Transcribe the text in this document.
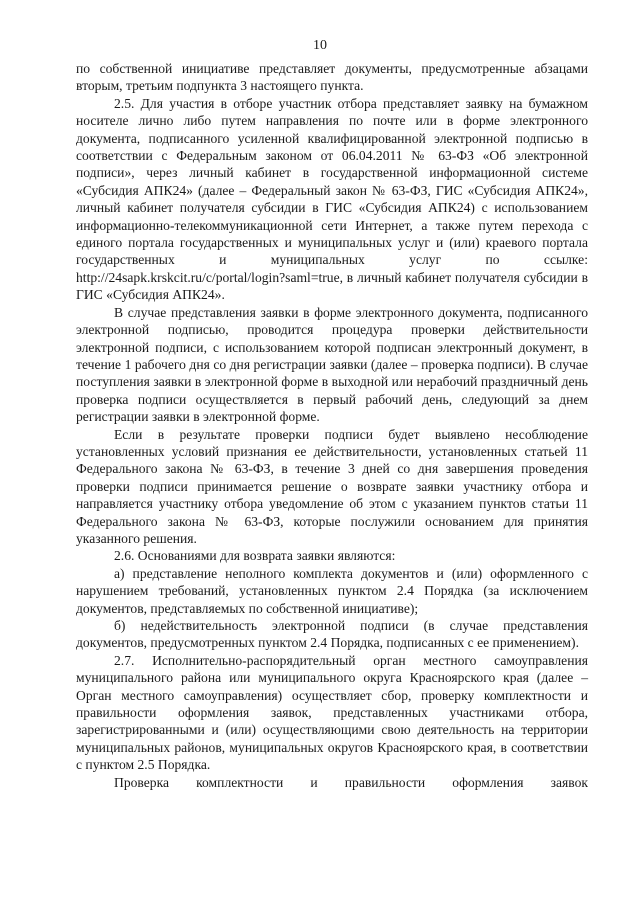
10

по собственной инициативе представляет документы, предусмотренные абзацами вторым, третьим подпункта 3 настоящего пункта.

2.5. Для участия в отборе участник отбора представляет заявку на бумажном носителе лично либо путем направления по почте или в форме электронного документа, подписанного усиленной квалифицированной электронной подписью в соответствии с Федеральным законом от 06.04.2011 № 63-ФЗ «Об электронной подписи», через личный кабинет в государственной информационной системе «Субсидия АПК24» (далее – Федеральный закон № 63-ФЗ, ГИС «Субсидия АПК24», личный кабинет получателя субсидии в ГИС «Субсидия АПК24) с использованием информационно-телекоммуникационной сети Интернет, а также путем перехода с единого портала государственных и муниципальных услуг и (или) краевого портала государственных и муниципальных услуг по ссылке: http://24sapk.krskcit.ru/c/portal/login?saml=true, в личный кабинет получателя субсидии в ГИС «Субсидия АПК24».

В случае представления заявки в форме электронного документа, подписанного электронной подписью, проводится процедура проверки действительности электронной подписи, с использованием которой подписан электронный документ, в течение 1 рабочего дня со дня регистрации заявки (далее – проверка подписи). В случае поступления заявки в электронной форме в выходной или нерабочий праздничный день проверка подписи осуществляется в первый рабочий день, следующий за днем регистрации заявки в электронной форме.

Если в результате проверки подписи будет выявлено несоблюдение установленных условий признания ее действительности, установленных статьей 11 Федерального закона № 63-ФЗ, в течение 3 дней со дня завершения проведения проверки подписи принимается решение о возврате заявки участнику отбора и направляется участнику отбора уведомление об этом с указанием пунктов статьи 11 Федерального закона № 63-ФЗ, которые послужили основанием для принятия указанного решения.

2.6. Основаниями для возврата заявки являются:

а) представление неполного комплекта документов и (или) оформленного с нарушением требований, установленных пунктом 2.4 Порядка (за исключением документов, представляемых по собственной инициативе);

б) недействительность электронной подписи (в случае представления документов, предусмотренных пунктом 2.4 Порядка, подписанных с ее применением).

2.7. Исполнительно-распорядительный орган местного самоуправления муниципального района или муниципального округа Красноярского края (далее – Орган местного самоуправления) осуществляет сбор, проверку комплектности и правильности оформления заявок, представленных участниками отбора, зарегистрированными и (или) осуществляющими свою деятельность на территории муниципальных районов, муниципальных округов Красноярского края, в соответствии с пунктом 2.5 Порядка.

Проверка комплектности и правильности оформления заявок
